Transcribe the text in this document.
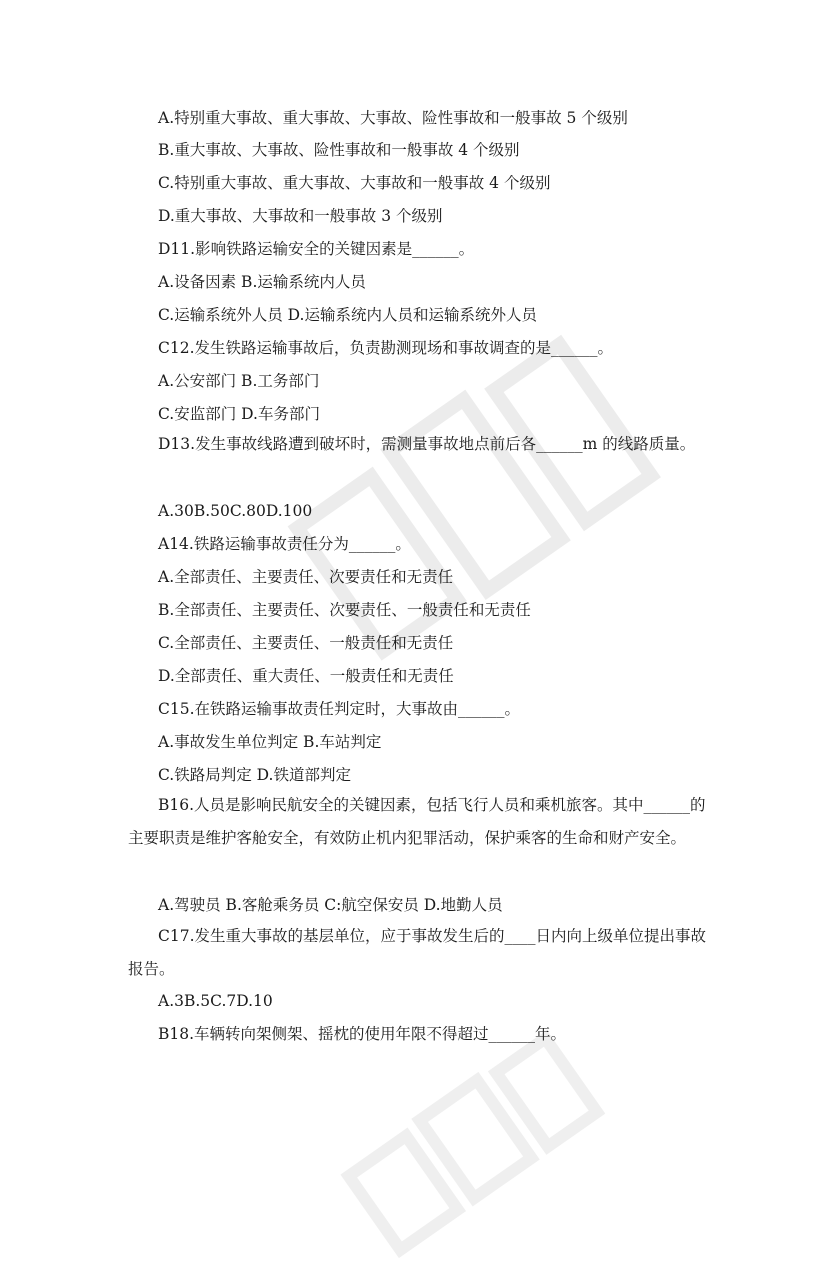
A.特别重大事故、重大事故、大事故、险性事故和一般事故 5 个级别
B.重大事故、大事故、险性事故和一般事故 4 个级别
C.特别重大事故、重大事故、大事故和一般事故 4 个级别
D.重大事故、大事故和一般事故 3 个级别
D11.影响铁路运输安全的关键因素是______。
A.设备因素 B.运输系统内人员
C.运输系统外人员 D.运输系统内人员和运输系统外人员
C12.发生铁路运输事故后，负责勘测现场和事故调查的是______。
A.公安部门 B.工务部门
C.安监部门 D.车务部门
D13.发生事故线路遭到破坏时，需测量事故地点前后各______m 的线路质量。
A.30B.50C.80D.100
A14.铁路运输事故责任分为______。
A.全部责任、主要责任、次要责任和无责任
B.全部责任、主要责任、次要责任、一般责任和无责任
C.全部责任、主要责任、一般责任和无责任
D.全部责任、重大责任、一般责任和无责任
C15.在铁路运输事故责任判定时，大事故由______。
A.事故发生单位判定 B.车站判定
C.铁路局判定 D.铁道部判定
B16.人员是影响民航安全的关键因素，包括飞行人员和乘机旅客。其中______的主要职责是维护客舱安全，有效防止机内犯罪活动，保护乘客的生命和财产安全。
A.驾驶员 B.客舱乘务员 C:航空保安员 D.地勤人员
C17.发生重大事故的基层单位，应于事故发生后的____日内向上级单位提出事故报告。
A.3B.5C.7D.10
B18.车辆转向架侧架、摇枕的使用年限不得超过______年。
